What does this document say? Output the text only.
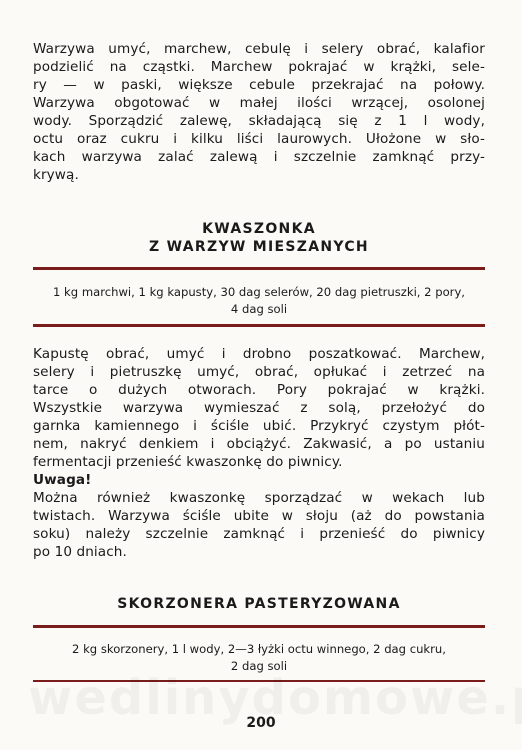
Warzywa umyć, marchew, cebulę i selery obrać, kalafior
podzielić na cząstki. Marchew pokrajać w krążki, sele-
ry — w paski, większe cebule przekrajać na połowy.
Warzywa obgotować w małej ilości wrzącej, osolonej
wody. Sporządzić zalewę, składającą się z 1 l wody,
octu oraz cukru i kilku liści laurowych. Ułożone w sło-
kach warzywa zalać zalewą i szczelnie zamknąć przy-
krywą.
KWASZONKA
Z WARZYW MIESZANYCH
1 kg marchwi, 1 kg kapusty, 30 dag selerów, 20 dag pietruszki, 2 pory,
4 dag soli
Kapustę obrać, umyć i drobno poszatkować. Marchew,
selery i pietruszkę umyć, obrać, opłukać i zetrzeć na
tarce o dużych otworach. Pory pokrajać w krążki.
Wszystkie warzywa wymieszać z solą, przełożyć do
garnka kamiennego i ściśle ubić. Przykryć czystym płót-
nem, nakryć denkiem i obciążyć. Zakwasić, a po ustaniu
fermentacji przenieść kwaszonkę do piwnicy.
Uwaga!
Można również kwaszonkę sporządzać w wekach lub
twistach. Warzywa ściśle ubite w słoju (aż do powstania
soku) należy szczelnie zamknąć i przenieść do piwnicy
po 10 dniach.
SKORZONERA PASTERYZOWANA
2 kg skorzonery, 1 l wody, 2—3 łyżki octu winnego, 2 dag cukru,
2 dag soli
200
